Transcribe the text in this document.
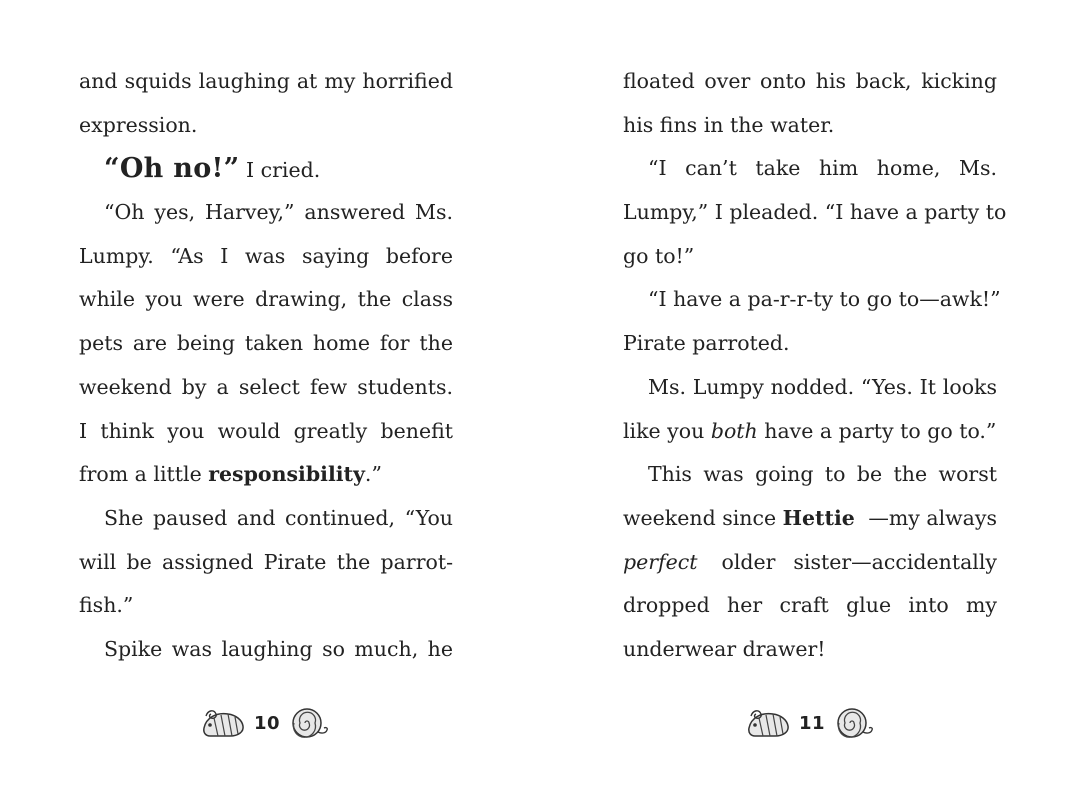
and squids laughing at my horrified
expression.
“Oh no!” I cried.
“Oh yes, Harvey,” answered Ms.
Lumpy. “As I was saying before
while you were drawing, the class
pets are being taken home for the
weekend by a select few students.
I think you would greatly benefit
from a little responsibility.”
She paused and continued, “You
will be assigned Pirate the parrot-
fish.”
Spike was laughing so much, he
10
floated over onto his back, kicking
his fins in the water.
“I can’t take him home, Ms.
Lumpy,” I pleaded. “I have a party to
go to!”
“I have a pa-r-r-ty to go to—awk!”
Pirate parroted.
Ms. Lumpy nodded. “Yes. It looks
like you both have a party to go to.”
This was going to be the worst
weekend since Hettie —my always
perfect	older sister—accidentally
dropped her craft glue into my
underwear drawer!
11
